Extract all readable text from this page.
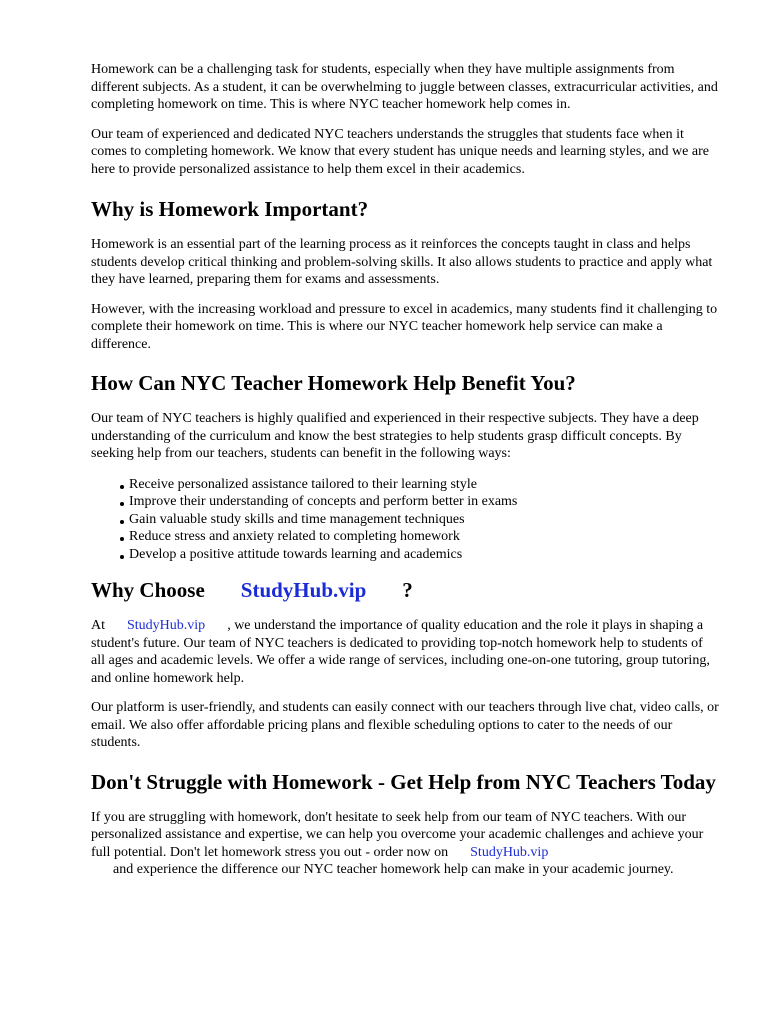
Homework can be a challenging task for students, especially when they have multiple assignments from different subjects. As a student, it can be overwhelming to juggle between classes, extracurricular activities, and completing homework on time. This is where NYC teacher homework help comes in.

Our team of experienced and dedicated NYC teachers understands the struggles that students face when it comes to completing homework. We know that every student has unique needs and learning styles, and we are here to provide personalized assistance to help them excel in their academics.

Why is Homework Important?

Homework is an essential part of the learning process as it reinforces the concepts taught in class and helps students develop critical thinking and problem-solving skills. It also allows students to practice and apply what they have learned, preparing them for exams and assessments.

However, with the increasing workload and pressure to excel in academics, many students find it challenging to complete their homework on time. This is where our NYC teacher homework help service can make a difference.

How Can NYC Teacher Homework Help Benefit You?

Our team of NYC teachers is highly qualified and experienced in their respective subjects. They have a deep understanding of the curriculum and know the best strategies to help students grasp difficult concepts. By seeking help from our teachers, students can benefit in the following ways:

Receive personalized assistance tailored to their learning style
Improve their understanding of concepts and perform better in exams
Gain valuable study skills and time management techniques
Reduce stress and anxiety related to completing homework
Develop a positive attitude towards learning and academics
Why Choose StudyHub.vip ?

At StudyHub.vip , we understand the importance of quality education and the role it plays in shaping a student's future. Our team of NYC teachers is dedicated to providing top-notch homework help to students of all ages and academic levels. We offer a wide range of services, including one-on-one tutoring, group tutoring, and online homework help.

Our platform is user-friendly, and students can easily connect with our teachers through live chat, video calls, or email. We also offer affordable pricing plans and flexible scheduling options to cater to the needs of our students.

Don't Struggle with Homework - Get Help from NYC Teachers Today

If you are struggling with homework, don't hesitate to seek help from our team of NYC teachers. With our personalized assistance and expertise, we can help you overcome your academic challenges and achieve your full potential. Don't let homework stress you out - order now on StudyHub.vip
and experience the difference our NYC teacher homework help can make in your academic journey.
